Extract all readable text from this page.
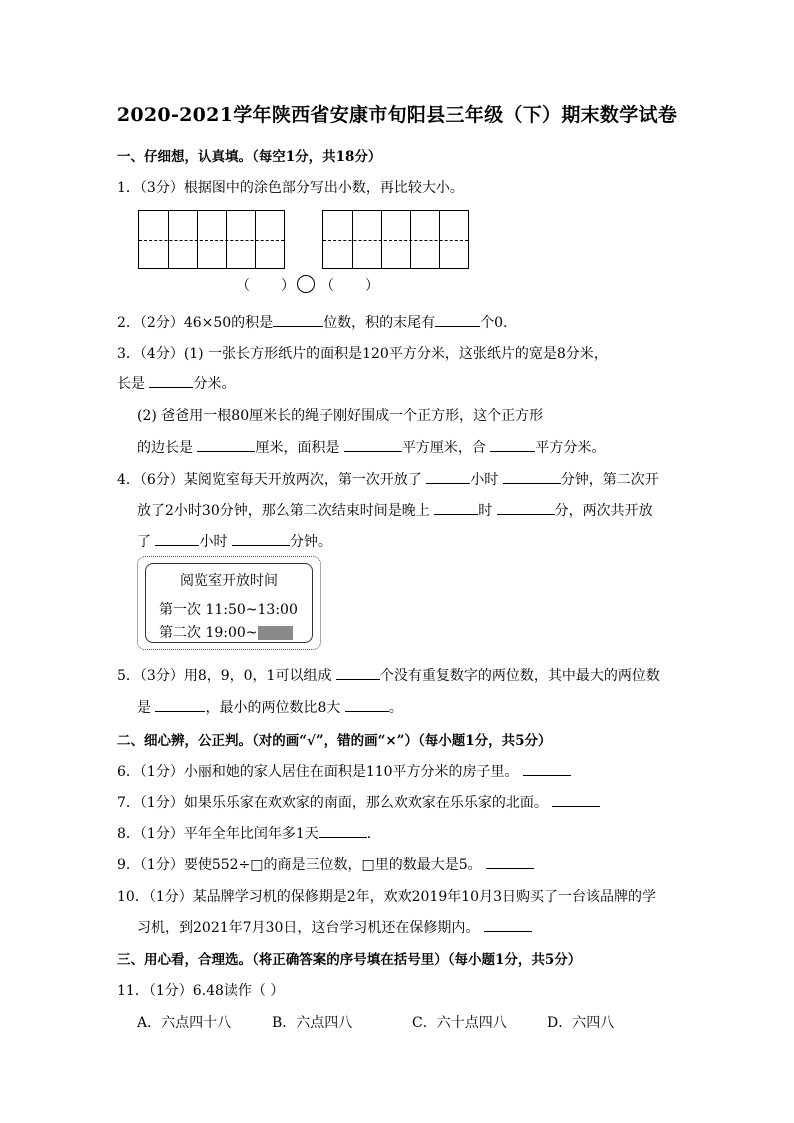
2020-2021学年陕西省安康市旬阳县三年级（下）期末数学试卷
一、仔细想，认真填。（每空1分，共18分）
1．（3分）根据图中的涂色部分写出小数，再比较大小。
（ ） （ ）
2．（2分）46×50的积是	位数，积的末尾有	个0．
3．（4分）(1) 一张长方形纸片的面积是120平方分米，这张纸片的宽是8分米，
长是	分米。
(2) 爸爸用一根80厘米长的绳子刚好围成一个正方形，这个正方形
的边长是	厘米，面积是	平方厘米，合	平方分米。
4．（6分）某阅览室每天开放两次，第一次开放了	小时	分钟，第二次开
放了2小时30分钟，那么第二次结束时间是晚上	时	分，两次共开放
了	小时	分钟。
阅览室开放时间
第一次 11:50~13:00
第二次 19:00~
5．（3分）用8，9，0，1可以组成	个没有重复数字的两位数，其中最大的两位数
是	，最小的两位数比8大	。
二、细心辨，公正判。（对的画“√”，错的画“×”）（每小题1分，共5分）
6．（1分）小丽和她的家人居住在面积是110平方分米的房子里。
7．（1分）如果乐乐家在欢欢家的南面，那么欢欢家在乐乐家的北面。
8．（1分）平年全年比闰年多1天	．
9．（1分）要使552÷□的商是三位数，□里的数最大是5。
10．（1分）某品牌学习机的保修期是2年，欢欢2019年10月3日购买了一台该品牌的学
习机，到2021年7月30日，这台学习机还在保修期内。
三、用心看，合理选。（将正确答案的序号填在括号里）（每小题1分，共5分）
11．（1分）6.48读作（ ）
A．六点四十八	B．六点四八	C．六十点四八	D．六四八
